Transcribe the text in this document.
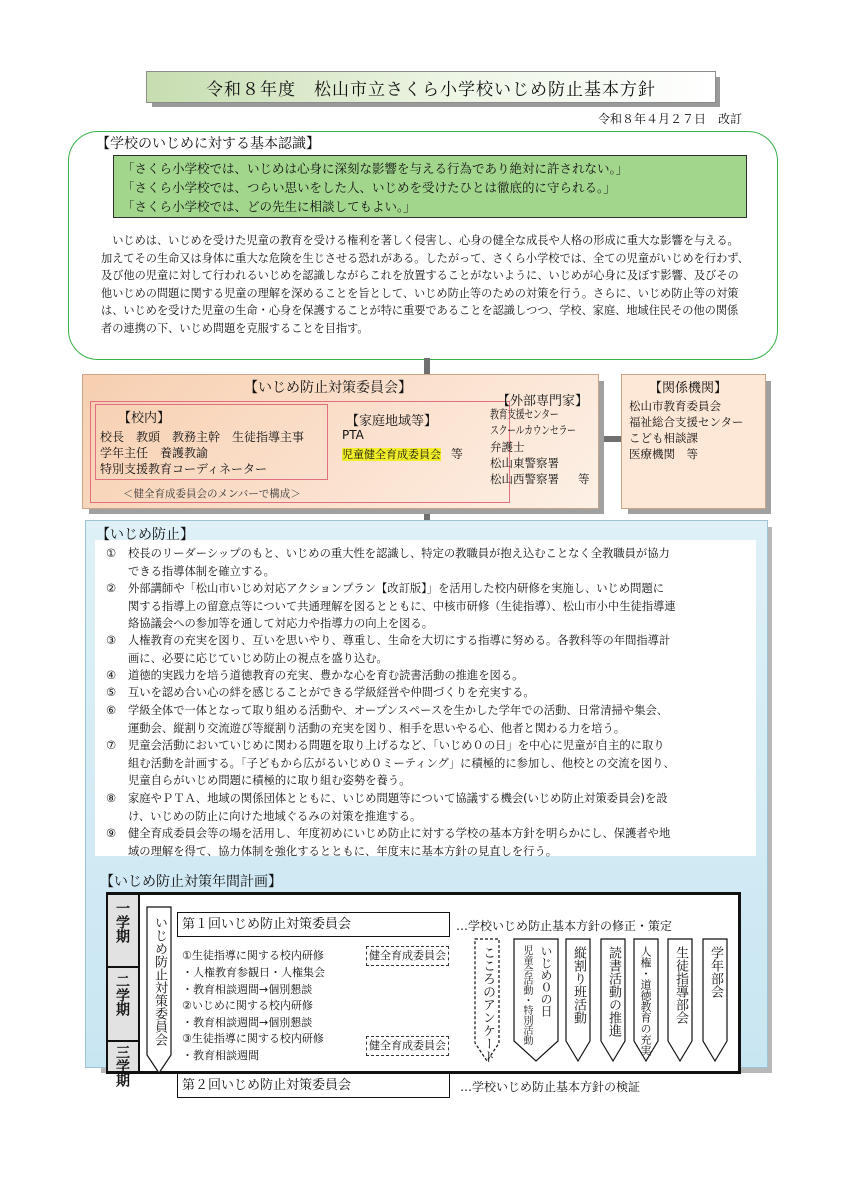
令和８年度　松山市立さくら小学校いじめ防止基本方針
令和８年４月２７日　改訂
【学校のいじめに対する基本認識】
「さくら小学校では、いじめは心身に深刻な影響を与える行為であり絶対に許されない。」
「さくら小学校では、つらい思いをした人、いじめを受けたひとは徹底的に守られる。」
「さくら小学校では、どの先生に相談してもよい。」
いじめは、いじめを受けた児童の教育を受ける権利を著しく侵害し、心身の健全な成長や人格の形成に重大な影響を与える。加えてその生命又は身体に重大な危険を生じさせる恐れがある。したがって、さくら小学校では、全ての児童がいじめを行わず、及び他の児童に対して行われるいじめを認識しながらこれを放置することがないように、いじめが心身に及ぼす影響、及びその他いじめの問題に関する児童の理解を深めることを旨として、いじめ防止等のための対策を行う。さらに、いじめ防止等の対策は、いじめを受けた児童の生命・心身を保護することが特に重要であることを認識しつつ、学校、家庭、地域住民その他の関係者の連携の下、いじめ問題を克服することを目指す。
【いじめ防止対策委員会】
【校内】
校長　教頭　教務主幹　生徒指導主事
学年主任　養護教諭
特別支援教育コーディネーター
【家庭地域等】
PTA
児童健全育成委員会 等
＜健全育成委員会のメンバーで構成＞
【外部専門家】
教育支援センター
スクールカウンセラー
弁護士
松山東警察署
松山西警察署 等
【関係機関】
松山市教育委員会
福祉総合支援センター
こども相談課
医療機関　等
【いじめ防止】
① 校長のリーダーシップのもと、いじめの重大性を認識し、特定の教職員が抱え込むことなく全教職員が協力
できる指導体制を確立する。
② 外部講師や「松山市いじめ対応アクションプラン【改訂版】」を活用した校内研修を実施し、いじめ問題に
関する指導上の留意点等について共通理解を図るとともに、中核市研修（生徒指導）、松山市小中生徒指導連
絡協議会への参加等を通して対応力や指導力の向上を図る。
③ 人権教育の充実を図り、互いを思いやり、尊重し、生命を大切にする指導に努める。各教科等の年間指導計
画に、必要に応じていじめ防止の視点を盛り込む。
④ 道徳的実践力を培う道徳教育の充実、豊かな心を育む読書活動の推進を図る。
⑤ 互いを認め合い心の絆を感じることができる学級経営や仲間づくりを充実する。
⑥ 学級全体で一体となって取り組める活動や、オープンスペースを生かした学年での活動、日常清掃や集会、
運動会、縦割り交流遊び等縦割り活動の充実を図り、相手を思いやる心、他者と関わる力を培う。
⑦ 児童会活動においていじめに関わる問題を取り上げるなど、「いじめ０の日」を中心に児童が自主的に取り
組む活動を計画する。「子どもから広がるいじめ０ミーティング」に積極的に参加し、他校との交流を図り、
児童自らがいじめ問題に積極的に取り組む姿勢を養う。
⑧ 家庭やＰＴＡ、地域の関係団体とともに、いじめ問題等について協議する機会(いじめ防止対策委員会)を設
け、いじめの防止に向けた地域ぐるみの対策を推進する。
⑨ 健全育成委員会等の場を活用し、年度初めにいじめ防止に対する学校の基本方針を明らかにし、保護者や地
域の理解を得て、協力体制を強化するとともに、年度末に基本方針の見直しを行う。
【いじめ防止対策年間計画】
一学期
二学期
三学期
いじめ防止対策委員会	第１回いじめ防止対策委員会	…学校いじめ防止基本方針の修正・策定
第２回いじめ防止対策委員会	…学校いじめ防止基本方針の検証
①生徒指導に関する校内研修
・人権教育参観日・人権集会
・教育相談週間→個別懇談
②いじめに関する校内研修
・教育相談週間→個別懇談
③生徒指導に関する校内研修
・教育相談週間
健全育成委員会
健全育成委員会	こころのアンケート	いじめ０の日
児童会活動・特別活動	縦割り班活動 読書活動の推進 人権・道徳教育の充実 生徒指導部会 学年部会
